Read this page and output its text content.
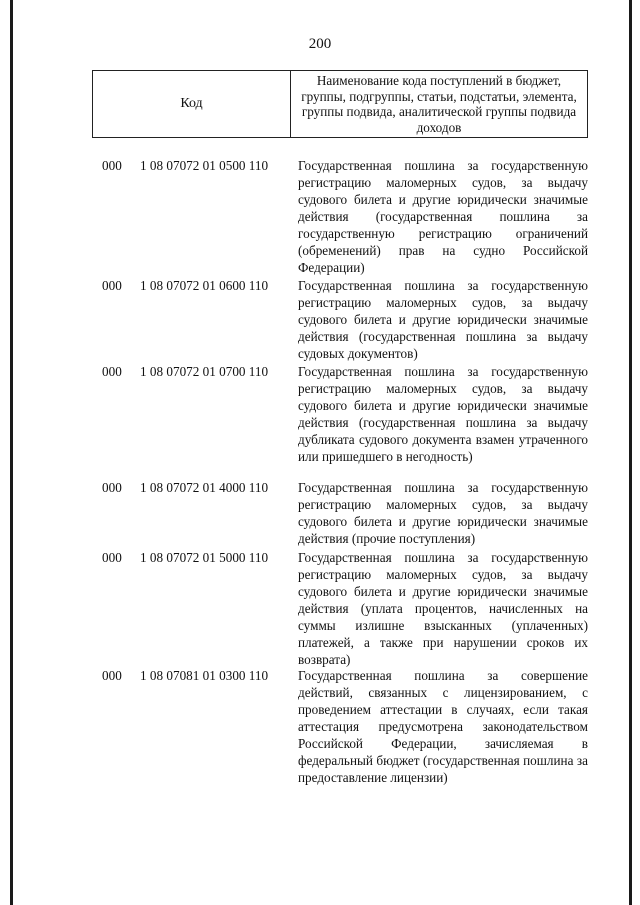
200
Код
Наименование кода поступлений в бюджет, группы, подгруппы, статьи, подстатьи, элемента, группы подвида, аналитической группы подвида доходов
000 1 08 07072 01 0500 110 Государственная пошлина за государственную регистрацию маломерных судов, за выдачу судового билета и другие юридически значимые действия (государственная пошлина за государственную регистрацию ограничений (обременений) прав на судно Российской Федерации)
000 1 08 07072 01 0600 110 Государственная пошлина за государственную регистрацию маломерных судов, за выдачу судового билета и другие юридически значимые действия (государственная пошлина за выдачу судовых документов)
000 1 08 07072 01 0700 110 Государственная пошлина за государственную регистрацию маломерных судов, за выдачу судового билета и другие юридически значимые действия (государственная пошлина за выдачу дубликата судового документа взамен утраченного или пришедшего в негодность)
000 1 08 07072 01 4000 110 Государственная пошлина за государственную регистрацию маломерных судов, за выдачу судового билета и другие юридически значимые действия (прочие поступления)
000 1 08 07072 01 5000 110 Государственная пошлина за государственную регистрацию маломерных судов, за выдачу судового билета и другие юридически значимые действия (уплата процентов, начисленных на суммы излишне взысканных (уплаченных) платежей, а также при нарушении сроков их возврата)
000 1 08 07081 01 0300 110 Государственная пошлина за совершение действий, связанных с лицензированием, с проведением аттестации в случаях, если такая аттестация предусмотрена законодательством Российской Федерации, зачисляемая в федеральный бюджет (государственная пошлина за предоставление лицензии)
